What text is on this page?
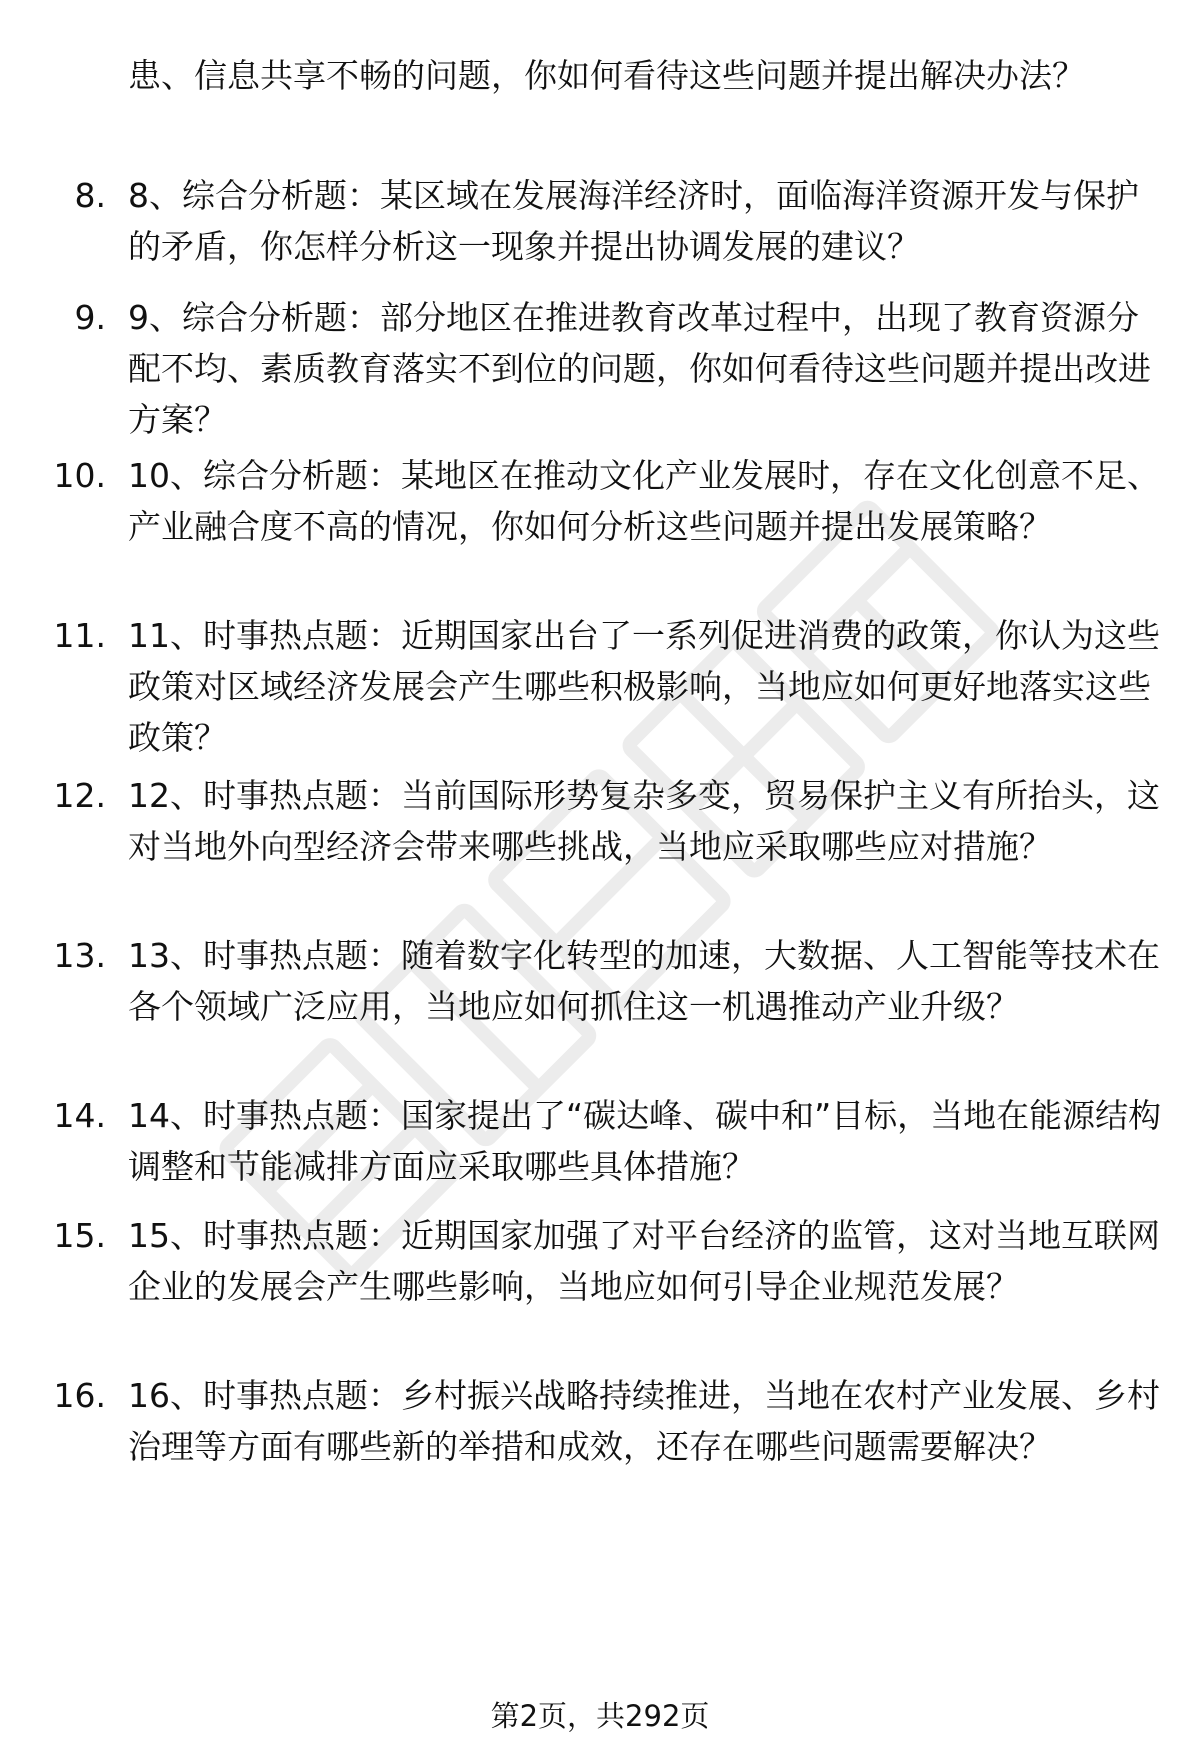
患、信息共享不畅的问题，你如何看待这些问题并提出解决办法？
8. 8、综合分析题：某区域在发展海洋经济时，面临海洋资源开发与保护的矛盾，你怎样分析这一现象并提出协调发展的建议？
9. 9、综合分析题：部分地区在推进教育改革过程中，出现了教育资源分配不均、素质教育落实不到位的问题，你如何看待这些问题并提出改进方案？
10. 10、综合分析题：某地区在推动文化产业发展时，存在文化创意不足、产业融合度不高的情况，你如何分析这些问题并提出发展策略？
11. 11、时事热点题：近期国家出台了一系列促进消费的政策，你认为这些政策对区域经济发展会产生哪些积极影响，当地应如何更好地落实这些政策？
12. 12、时事热点题：当前国际形势复杂多变，贸易保护主义有所抬头，这对当地外向型经济会带来哪些挑战，当地应采取哪些应对措施？
13. 13、时事热点题：随着数字化转型的加速，大数据、人工智能等技术在各个领域广泛应用，当地应如何抓住这一机遇推动产业升级？
14. 14、时事热点题：国家提出了“碳达峰、碳中和”目标，当地在能源结构调整和节能减排方面应采取哪些具体措施？
15. 15、时事热点题：近期国家加强了对平台经济的监管，这对当地互联网企业的发展会产生哪些影响，当地应如何引导企业规范发展？
16. 16、时事热点题：乡村振兴战略持续推进，当地在农村产业发展、乡村治理等方面有哪些新的举措和成效，还存在哪些问题需要解决？
第2页，共292页
